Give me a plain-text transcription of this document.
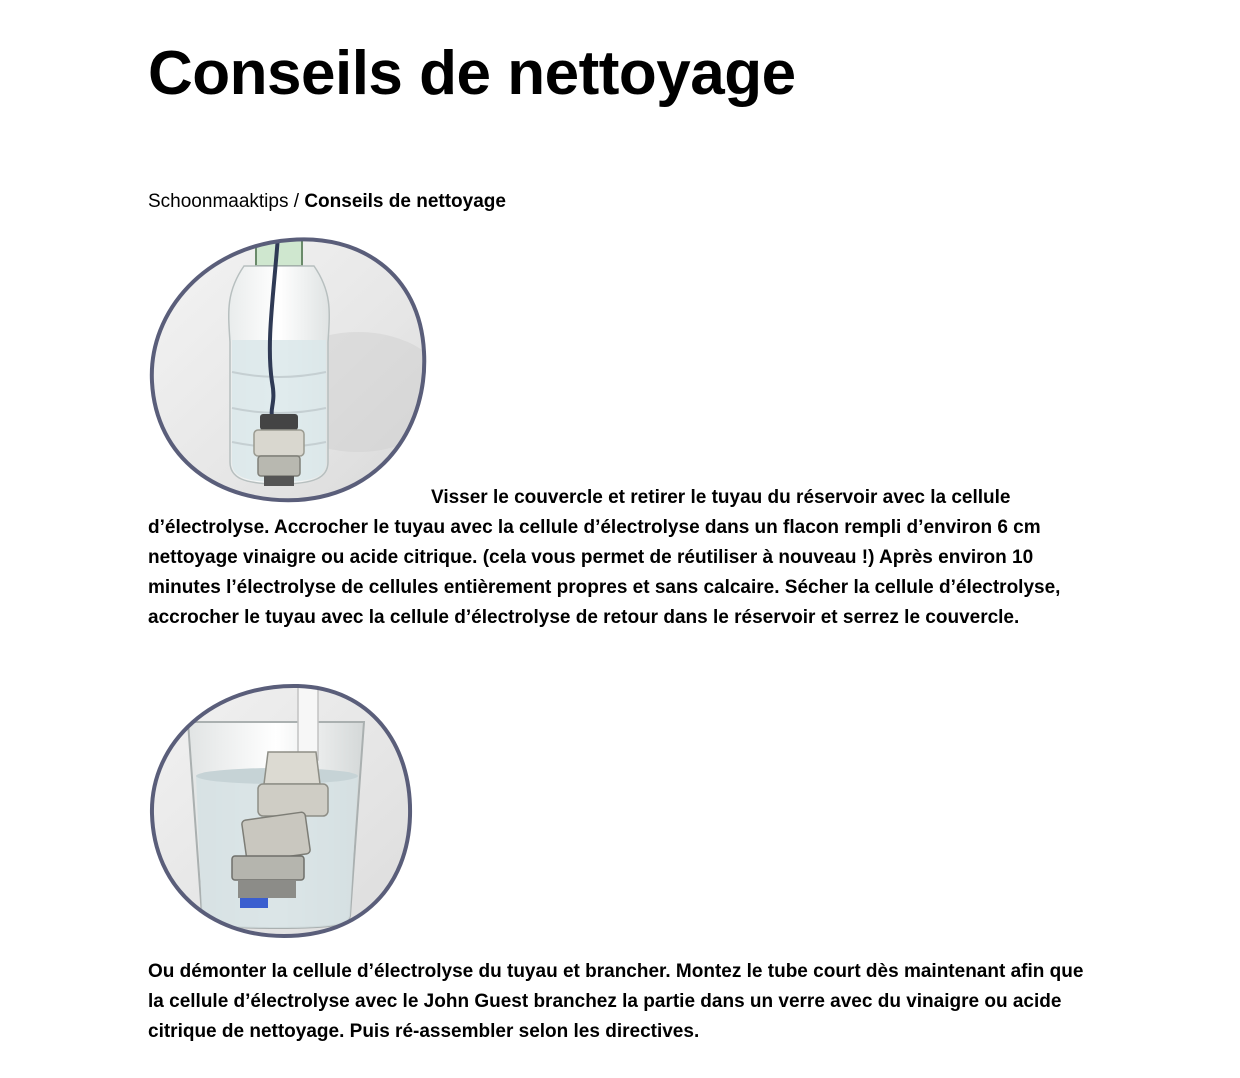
Conseils de nettoyage
Schoonmaaktips / Conseils de nettoyage

Visser le couvercle et retirer le tuyau du réservoir avec la cellule d’électrolyse. Accrocher le tuyau avec la cellule d’électrolyse dans un flacon rempli d’environ 6 cm nettoyage vinaigre ou acide citrique. (cela vous permet de réutiliser à nouveau !) Après environ 10 minutes l’électrolyse de cellules entièrement propres et sans calcaire. Sécher la cellule d’électrolyse, accrocher le tuyau avec la cellule d’électrolyse de retour dans le réservoir et serrez le couvercle.

Ou démonter la cellule d’électrolyse du tuyau et brancher. Montez le tube court dès maintenant afin que la cellule d’électrolyse avec le John Guest branchez la partie dans un verre avec du vinaigre ou acide citrique de nettoyage. Puis ré-assembler selon les directives.
